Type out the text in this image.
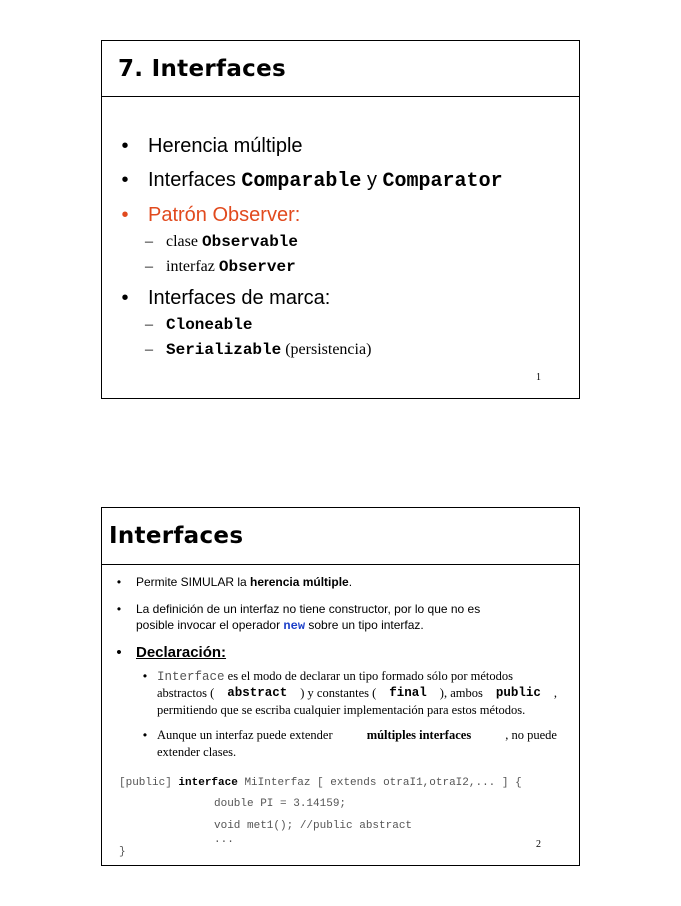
7. Interfaces
• Herencia múltiple
• Interfaces Comparable y Comparator
• Patrón Observer:
– clase Observable
– interfaz Observer
• Interfaces de marca:
– Cloneable
– Serializable (persistencia)
1
Interfaces
• Permite SIMULAR la herencia múltiple.
• La definición de un interfaz no tiene constructor, por lo que no es
posible invocar el operador new sobre un tipo interfaz.
• Declaración:
• Interface es el modo de declarar un tipo formado sólo por métodos
abstractos ( abstract ) y constantes ( final ), ambos public ,
permitiendo que se escriba cualquier implementación para estos métodos.
• Aunque un interfaz puede extender	múltiples interfaces	, no puede
extender clases.
[public] interface MiInterfaz [ extends otraI1,otraI2,... ] {
double PI = 3.14159;
void met1(); //public abstract
...
}
2
